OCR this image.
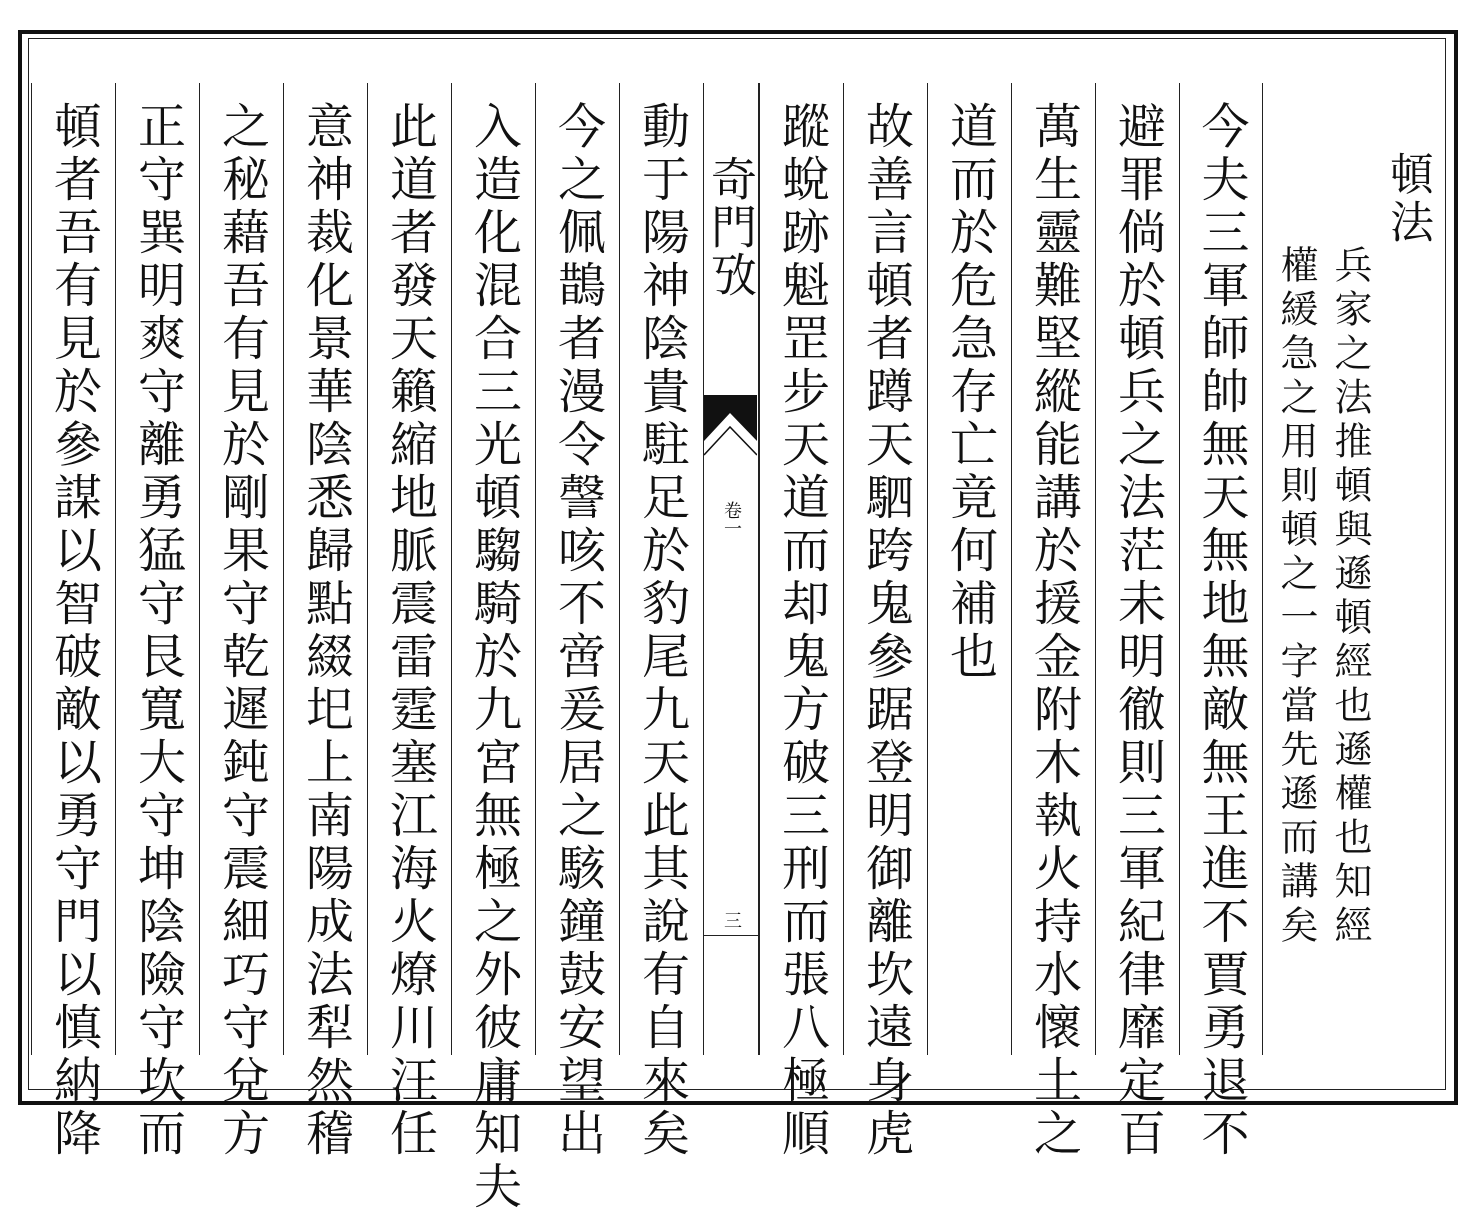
頓法
兵家之法推頓與遜頓經也遜權也知經
權緩急之用則頓之一字當先遜而講矣
今夫三軍師帥無天無地無敵無王進不賈勇退不
避罪倘於頓兵之法茫未明徹則三軍紀律靡定百
萬生靈難堅縱能講於援金附木執火持水懷土之
道而於危急存亡竟何補也
故善言頓者蹲天駟跨鬼參踞登明御離坎遠身虎
蹤蛻跡魁罡步天道而却鬼方破三刑而張八極順
奇門攷
卷一
三
動于陽神陰貴駐足於豹尾九天此其說有自來矣
今之佩鵲者漫令謦咳不啻爰居之駭鐘鼓安望出
入造化混合三光頓騶騎於九宮無極之外彼庸知夫
此道者發天籟縮地脈震雷霆塞江海火燎川汪任
意神裁化景華陰悉歸點綴圯上南陽成法犁然稽
之秘藉吾有見於剛果守乾遲鈍守震細巧守兌方
正守巽明爽守離勇猛守艮寬大守坤陰險守坎而
頓者吾有見於參謀以智破敵以勇守門以慎納降
